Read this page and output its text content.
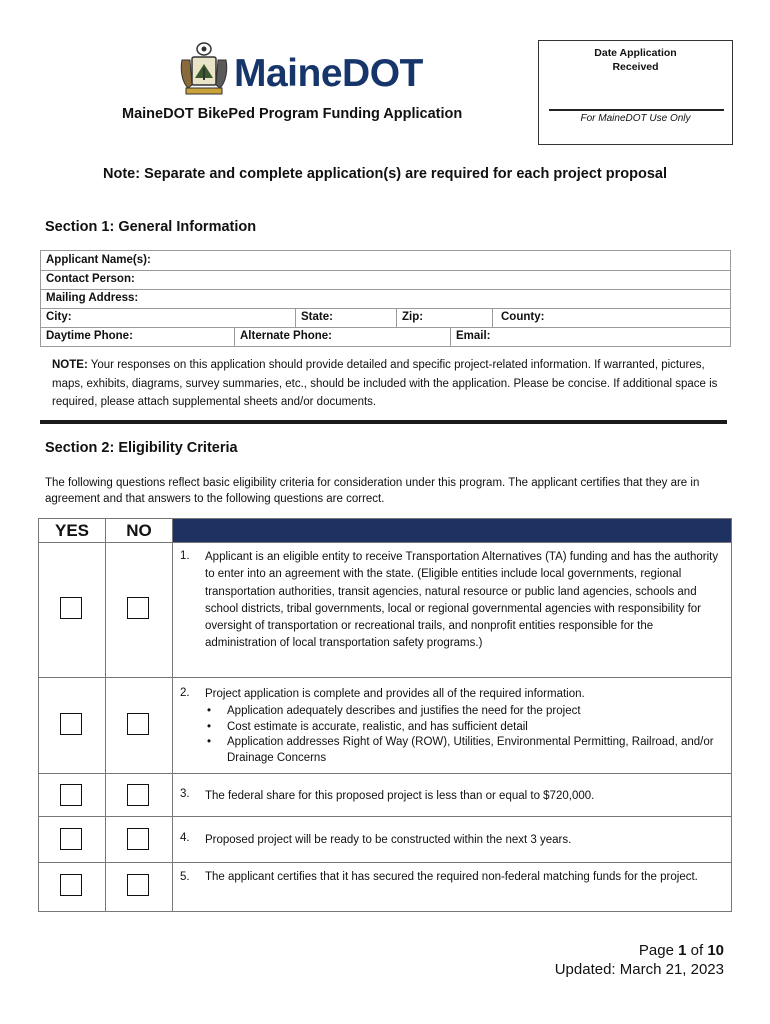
MaineDOT
MaineDOT BikePed Program Funding Application
Date Application
Received
For MaineDOT Use Only
Note: Separate and complete application(s) are required for each project proposal
Section 1: General Information
Applicant Name(s):
Contact Person:
Mailing Address:
City:	State:	Zip:	County:
Daytime Phone:	Alternate Phone:	Email:
NOTE: Your responses on this application should provide detailed and specific project-related information. If warranted, pictures, maps, exhibits, diagrams, survey summaries, etc., should be included with the application. Please be concise. If additional space is required, please attach supplemental sheets and/or documents.
Section 2: Eligibility Criteria
The following questions reflect basic eligibility criteria for consideration under this program. The applicant certifies that they are in agreement and that answers to the following questions are correct.
YES	NO
1. Applicant is an eligible entity to receive Transportation Alternatives (TA) funding and has the authority to enter into an agreement with the state. (Eligible entities include local governments, regional transportation authorities, transit agencies, natural resource or public land agencies, schools and school districts, tribal governments, local or regional governmental agencies with responsibility for oversight of transportation or recreational trails, and nonprofit entities responsible for the administration of local transportation safety programs.)
2. Project application is complete and provides all of the required information.
• Application adequately describes and justifies the need for the project
• Cost estimate is accurate, realistic, and has sufficient detail
• Application addresses Right of Way (ROW), Utilities, Environmental Permitting, Railroad, and/or Drainage Concerns
3. The federal share for this proposed project is less than or equal to $720,000.
4. Proposed project will be ready to be constructed within the next 3 years.
5. The applicant certifies that it has secured the required non-federal matching funds for the project.
Page 1 of 10
Updated: March 21, 2023
